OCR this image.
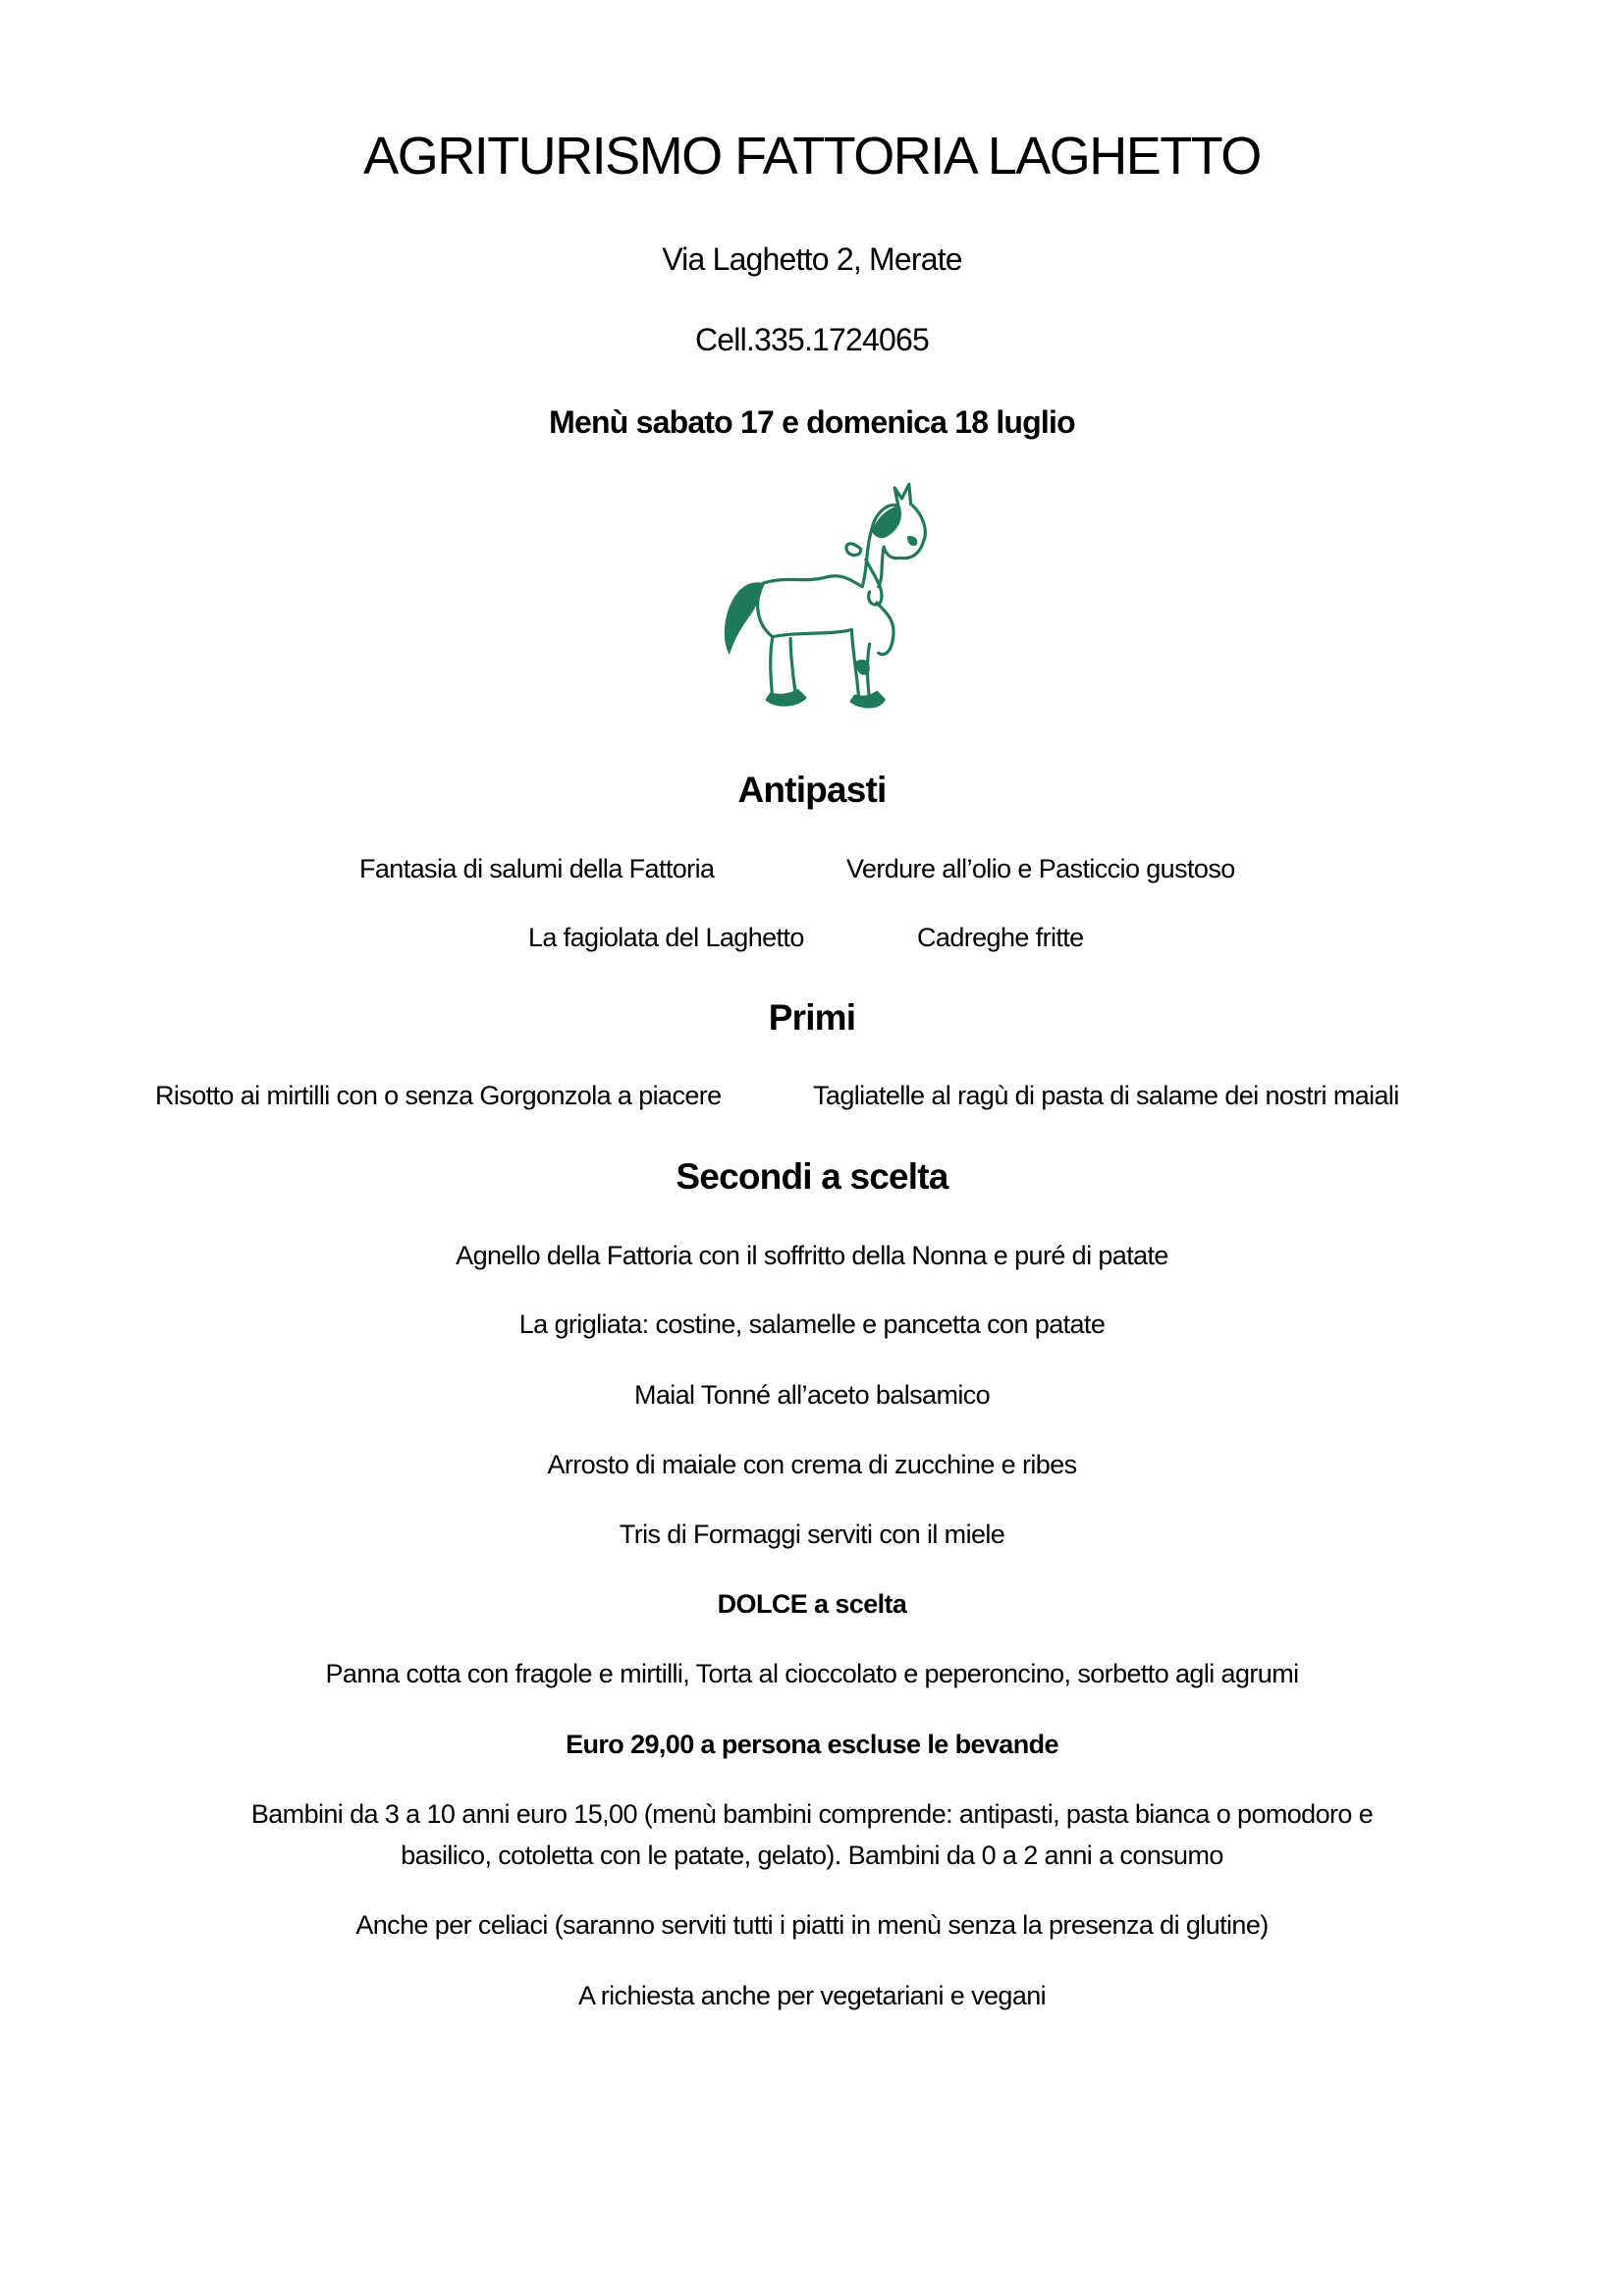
AGRITURISMO FATTORIA LAGHETTO
Via Laghetto 2, Merate
Cell.335.1724065
Menù sabato 17 e domenica 18 luglio
Antipasti
Fantasia di salumi della Fattoria	Verdure all’olio e Pasticcio gustoso
La fagiolata del Laghetto	Cadreghe fritte
Primi
Risotto ai mirtilli con o senza Gorgonzola a piacere	Tagliatelle al ragù di pasta di salame dei nostri maiali
Secondi a scelta
Agnello della Fattoria con il soffritto della Nonna e puré di patate
La grigliata: costine, salamelle e pancetta con patate
Maial Tonné all’aceto balsamico
Arrosto di maiale con crema di zucchine e ribes
Tris di Formaggi serviti con il miele
DOLCE a scelta
Panna cotta con fragole e mirtilli, Torta al cioccolato e peperoncino, sorbetto agli agrumi
Euro 29,00 a persona escluse le bevande
Bambini da 3 a 10 anni euro 15,00 (menù bambini comprende: antipasti, pasta bianca o pomodoro e
basilico, cotoletta con le patate, gelato). Bambini da 0 a 2 anni a consumo
Anche per celiaci (saranno serviti tutti i piatti in menù senza la presenza di glutine)
A richiesta anche per vegetariani e vegani
